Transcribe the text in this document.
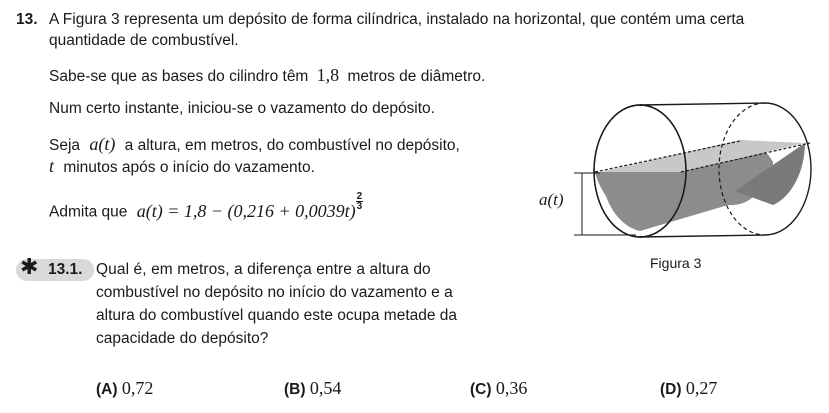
13. A Figura 3 representa um depósito de forma cilíndrica, instalado na horizontal, que contém uma certa
quantidade de combustível.
Sabe-se que as bases do cilindro têm 1,8 metros de diâmetro.
Num certo instante, iniciou-se o vazamento do depósito.
Seja a(t) a altura, em metros, do combustível no depósito,
t minutos após o início do vazamento.
Admita que $a(t) = 1,8 - (0,216 + 0,0039t) \frac{2}{3}$	a(t)
Figura 3
✱ 13.1. Qual é, em metros, a diferença entre a altura do
combustível no depósito no início do vazamento e a
altura do combustível quando este ocupa metade da
capacidade do depósito?
(A) 0,72	(B) 0,54	(C) 0,36	(D) 0,27
